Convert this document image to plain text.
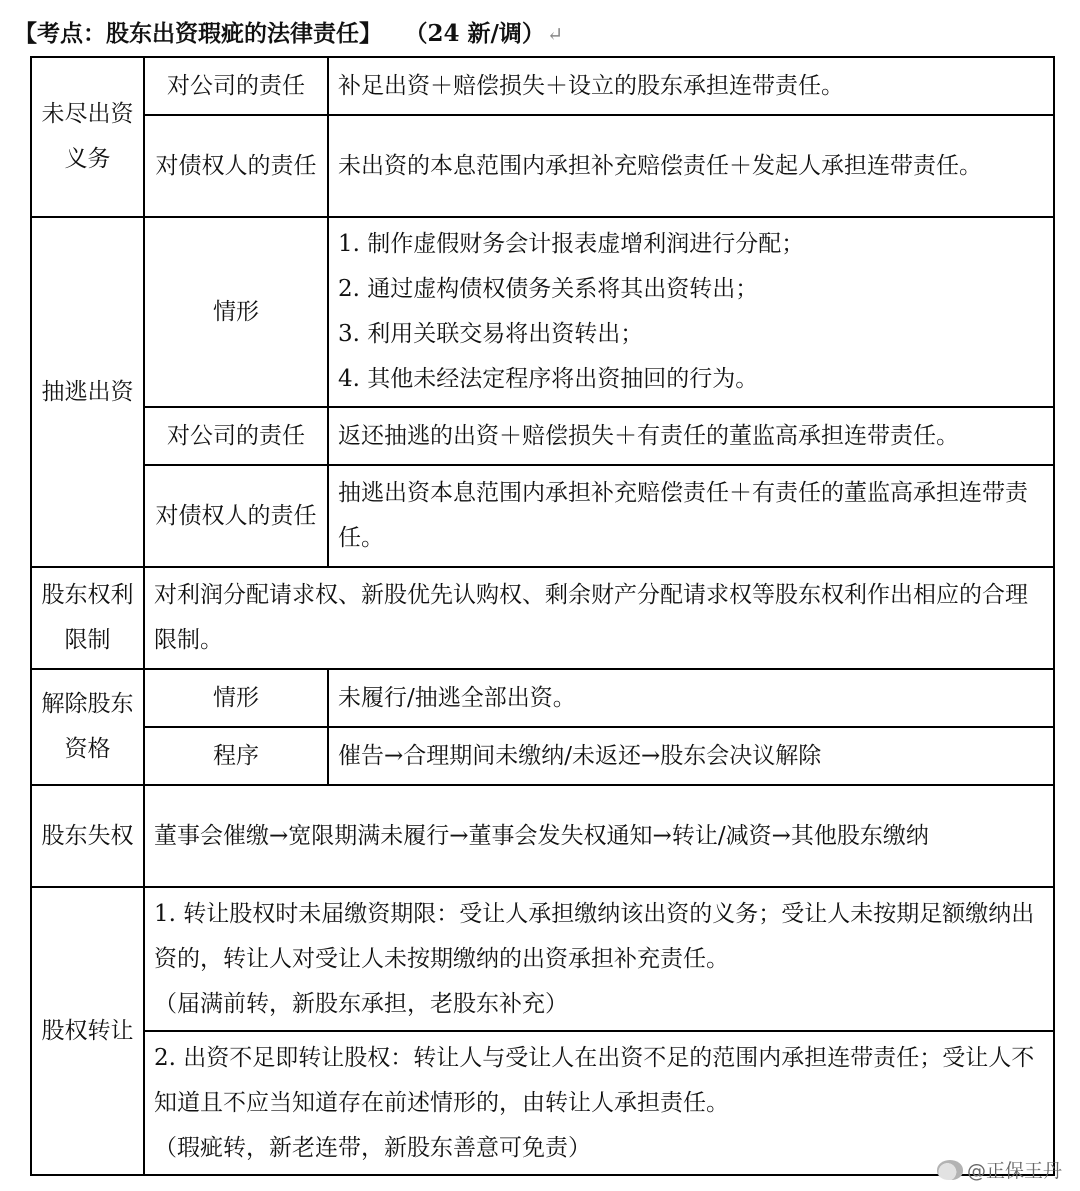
【考点：股东出资瑕疵的法律责任】 （24 新/调） ↵
未尽出资义务	对公司的责任	补足出资＋赔偿损失＋设立的股东承担连带责任。
	对债权人的责任	未出资的本息范围内承担补充赔偿责任＋发起人承担连带责任。
抽逃出资	情形	1. 制作虚假财务会计报表虚增利润进行分配；
2. 通过虚构债权债务关系将其出资转出；
3. 利用关联交易将出资转出；
4. 其他未经法定程序将出资抽回的行为。

	对公司的责任	返还抽逃的出资＋赔偿损失＋有责任的董监高承担连带责任。
	对债权人的责任	抽逃出资本息范围内承担补充赔偿责任＋有责任的董监高承担连带责任。
股东权利限制	对利润分配请求权、新股优先认购权、剩余财产分配请求权等股东权利作出相应的合理限制。	
解除股东资格	情形	未履行/抽逃全部出资。
	程序	催告→合理期间未缴纳/未返还→股东会决议解除
股东失权	董事会催缴→宽限期满未履行→董事会发失权通知→转让/减资→其他股东缴纳	
股权转让	1. 转让股权时未届缴资期限：受让人承担缴纳该出资的义务；受让人未按期足额缴纳出资的，转让人对受让人未按期缴纳的出资承担补充责任。
（届满前转，新股东承担，老股东补充）	

	2. 出资不足即转让股权：转让人与受让人在出资不足的范围内承担连带责任；受让人不知道且不应当知道存在前述情形的，由转让人承担责任。
（瑕疵转，新老连带，新股东善意可免责）	
@正保王丹
